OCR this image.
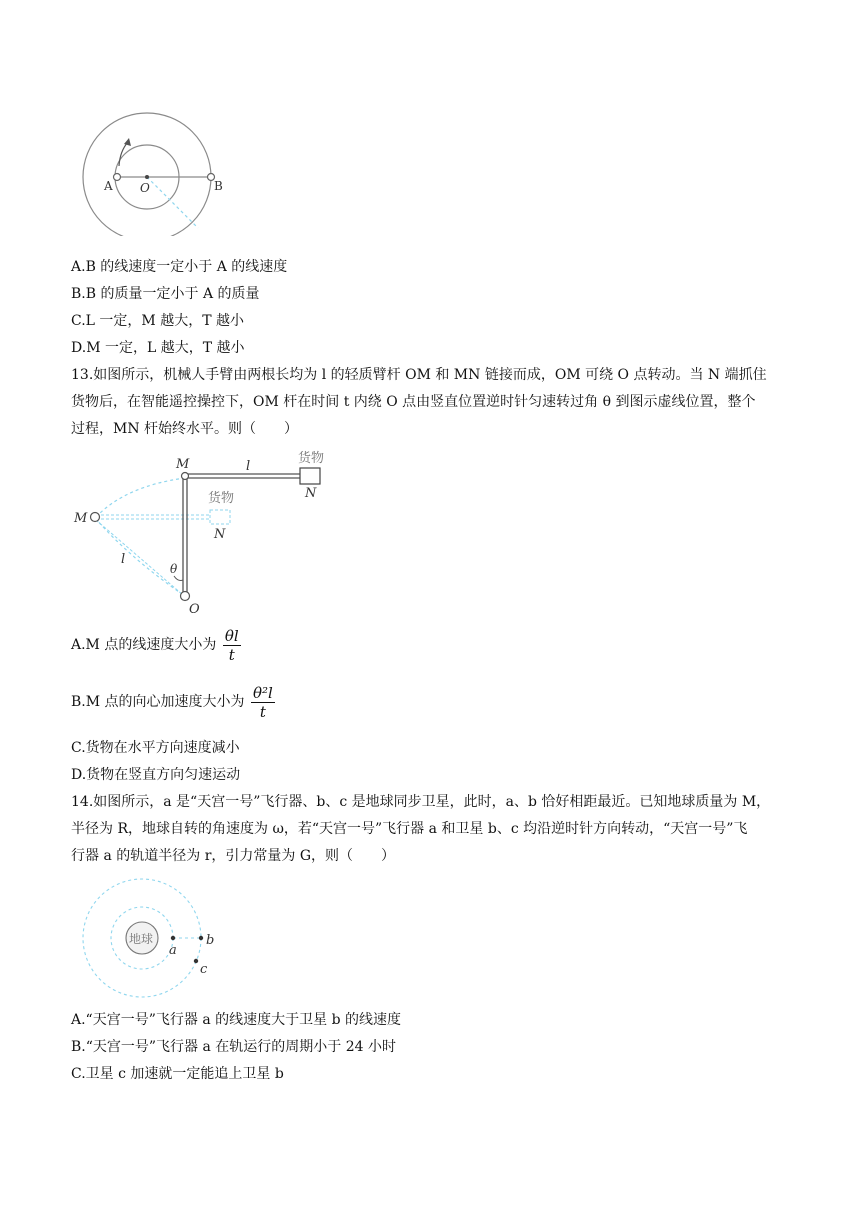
A O	B
A.B 的线速度一定小于 A 的线速度
B.B 的质量一定小于 A 的质量
C.L 一定，M 越大，T 越小
D.M 一定，L 越大，T 越小
13.如图所示，机械人手臂由两根长均为 l 的轻质臂杆 OM 和 MN 链接而成，OM 可绕 O 点转动。当 N 端抓住
货物后，在智能遥控操控下，OM 杆在时间 t 内绕 O 点由竖直位置逆时针匀速转过角 θ 到图示虚线位置，整个
过程，MN 杆始终水平。则（　　）
M	l
货物
N
货物
N
M
l
θ
O
A.M 点的线速度大小为 $\frac{\theta l}{t}$
B.M 点的向心加速度大小为 $\frac{\text{θ²l}}{t}$
C.货物在水平方向速度减小
D.货物在竖直方向匀速运动
14.如图所示，a 是“天宫一号”飞行器、b、c 是地球同步卫星，此时，a、b 恰好相距最近。已知地球质量为 M，
半径为 R，地球自转的角速度为 ω，若“天宫一号”飞行器 a 和卫星 b、c 均沿逆时针方向转动，“天宫一号”飞
行器 a 的轨道半径为 r，引力常量为 G，则（　　）
地球
a
b
c
A.“天宫一号”飞行器 a 的线速度大于卫星 b 的线速度
B.“天宫一号”飞行器 a 在轨运行的周期小于 24 小时
C.卫星 c 加速就一定能追上卫星 b
